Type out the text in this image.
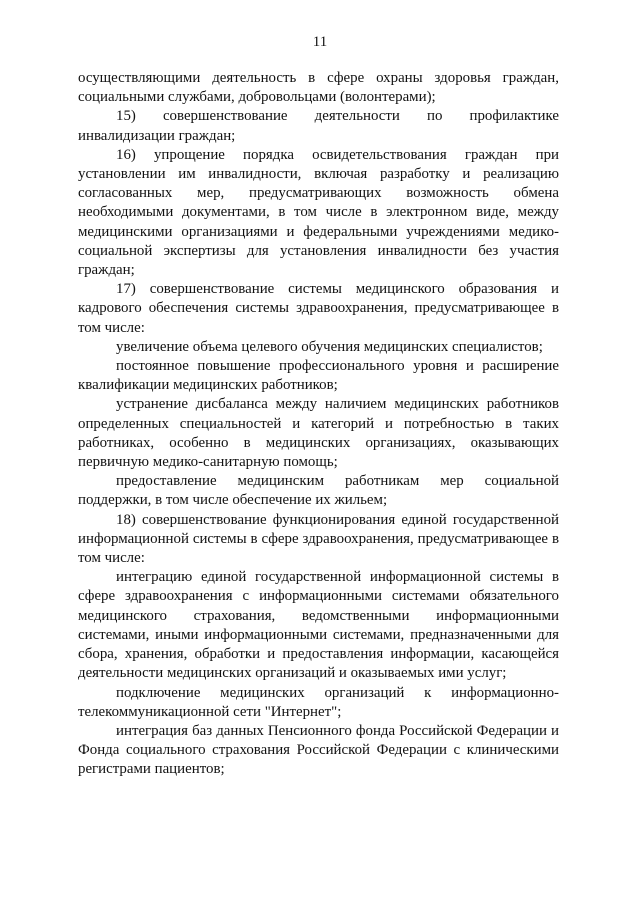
11

осуществляющими деятельность в сфере охраны здоровья граждан, социальными службами, добровольцами (волонтерами);

15) совершенствование деятельности по профилактике инвалидизации граждан;

16) упрощение порядка освидетельствования граждан при установлении им инвалидности, включая разработку и реализацию согласованных мер, предусматривающих возможность обмена необходимыми документами, в том числе в электронном виде, между медицинскими организациями и федеральными учреждениями медико-социальной экспертизы для установления инвалидности без участия граждан;

17) совершенствование системы медицинского образования и кадрового обеспечения системы здравоохранения, предусматривающее в том числе:

увеличение объема целевого обучения медицинских специалистов;

постоянное повышение профессионального уровня и расширение квалификации медицинских работников;

устранение дисбаланса между наличием медицинских работников определенных специальностей и категорий и потребностью в таких работниках, особенно в медицинских организациях, оказывающих первичную медико-санитарную помощь;

предоставление медицинским работникам мер социальной поддержки, в том числе обеспечение их жильем;

18) совершенствование функционирования единой государственной информационной системы в сфере здравоохранения, предусматривающее в том числе:

интеграцию единой государственной информационной системы в сфере здравоохранения с информационными системами обязательного медицинского страхования, ведомственными информационными системами, иными информационными системами, предназначенными для сбора, хранения, обработки и предоставления информации, касающейся деятельности медицинских организаций и оказываемых ими услуг;

подключение медицинских организаций к информационно-телекоммуникационной сети "Интернет";

интеграция баз данных Пенсионного фонда Российской Федерации и Фонда социального страхования Российской Федерации с клиническими регистрами пациентов;
